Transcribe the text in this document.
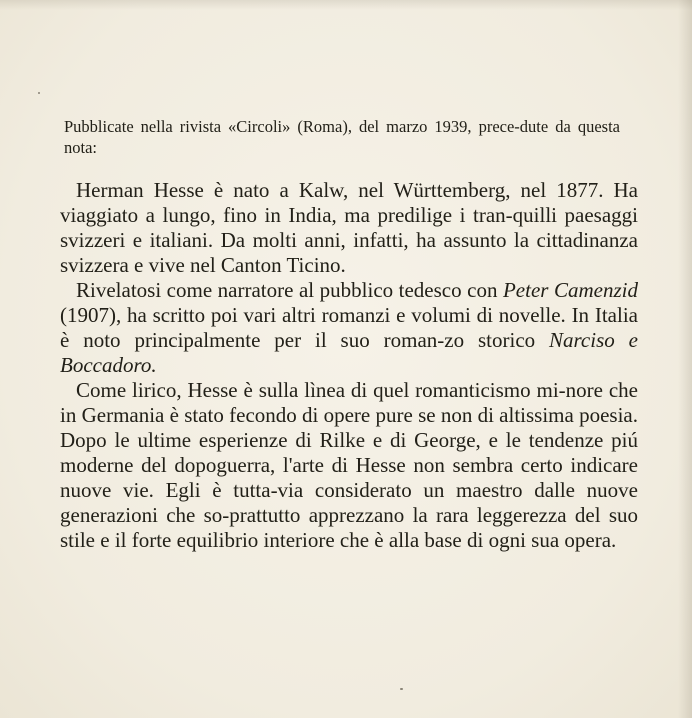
Pubblicate nella rivista «Circoli» (Roma), del marzo 1939, prece-dute da questa nota:

Herman Hesse è nato a Kalw, nel Württemberg, nel 1877. Ha viaggiato a lungo, fino in India, ma predilige i tran-quilli paesaggi svizzeri e italiani. Da molti anni, infatti, ha assunto la cittadinanza svizzera e vive nel Canton Ticino.

Rivelatosi come narratore al pubblico tedesco con Peter Camenzid (1907), ha scritto poi vari altri romanzi e volumi di novelle. In Italia è noto principalmente per il suo roman-zo storico Narciso e Boccadoro.

Come lirico, Hesse è sulla lìnea di quel romanticismo mi-nore che in Germania è stato fecondo di opere pure se non di altissima poesia. Dopo le ultime esperienze di Rilke e di George, e le tendenze piú moderne del dopoguerra, l'arte di Hesse non sembra certo indicare nuove vie. Egli è tutta-via considerato un maestro dalle nuove generazioni che so-prattutto apprezzano la rara leggerezza del suo stile e il forte equilibrio interiore che è alla base di ogni sua opera.
